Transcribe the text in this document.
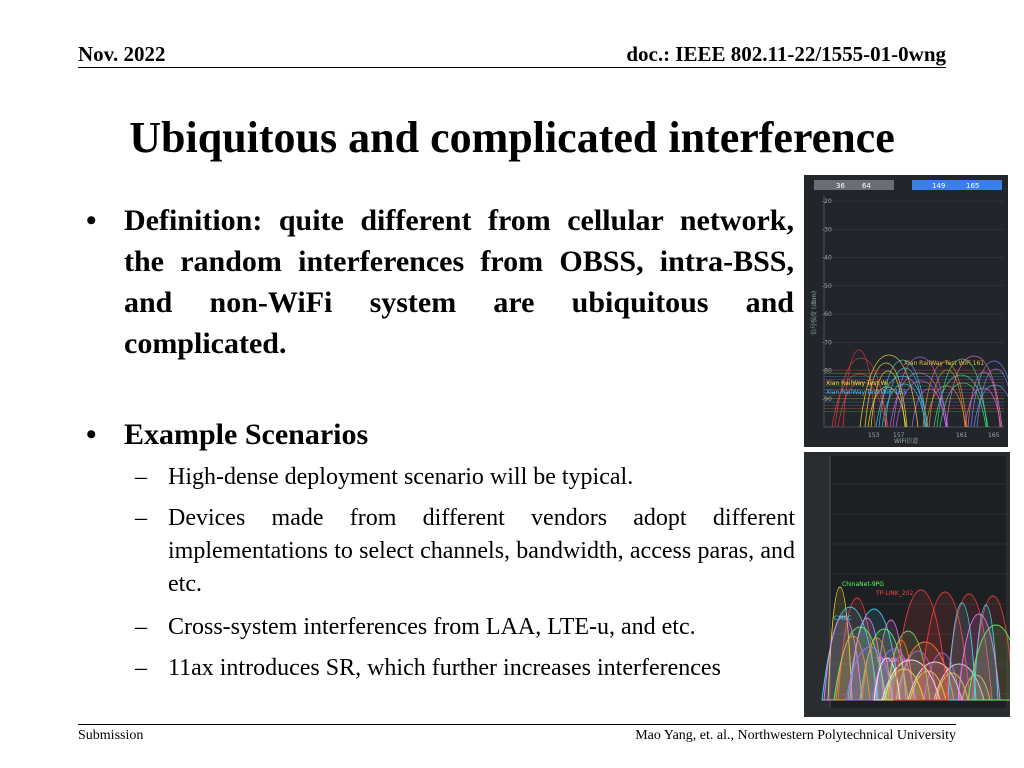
Nov. 2022	doc.: IEEE 802.11-22/1555-01-0wng
Ubiquitous and complicated interference
• Definition: quite different from cellular network, the random interferences from OBSS, intra-BSS, and non-WiFi system are ubiquitous and complicated.
• Example Scenarios
– High-dense deployment scenario will be typical.
– Devices made from different vendors adopt different implementations to select channels, bandwidth, access paras, and etc.
– Cross-system interferences from LAA, LTE-u, and etc.
– 11ax introduces SR, which further increases interferences
36 64	149	165
-20
-30
-40
-50
-60
-70
-80
-90
153 157	161	165
Xian RailWay Test WiFi 161
Xian RailWay Test Wi
Xian RailWay Test WiFi 153
WiFi信道
信号强度 (dbm)
ChinaNet-9PG
TP-LINK_202
CMCC
TP-LINK_ee
Submission	Mao Yang, et. al., Northwestern Polytechnical University
